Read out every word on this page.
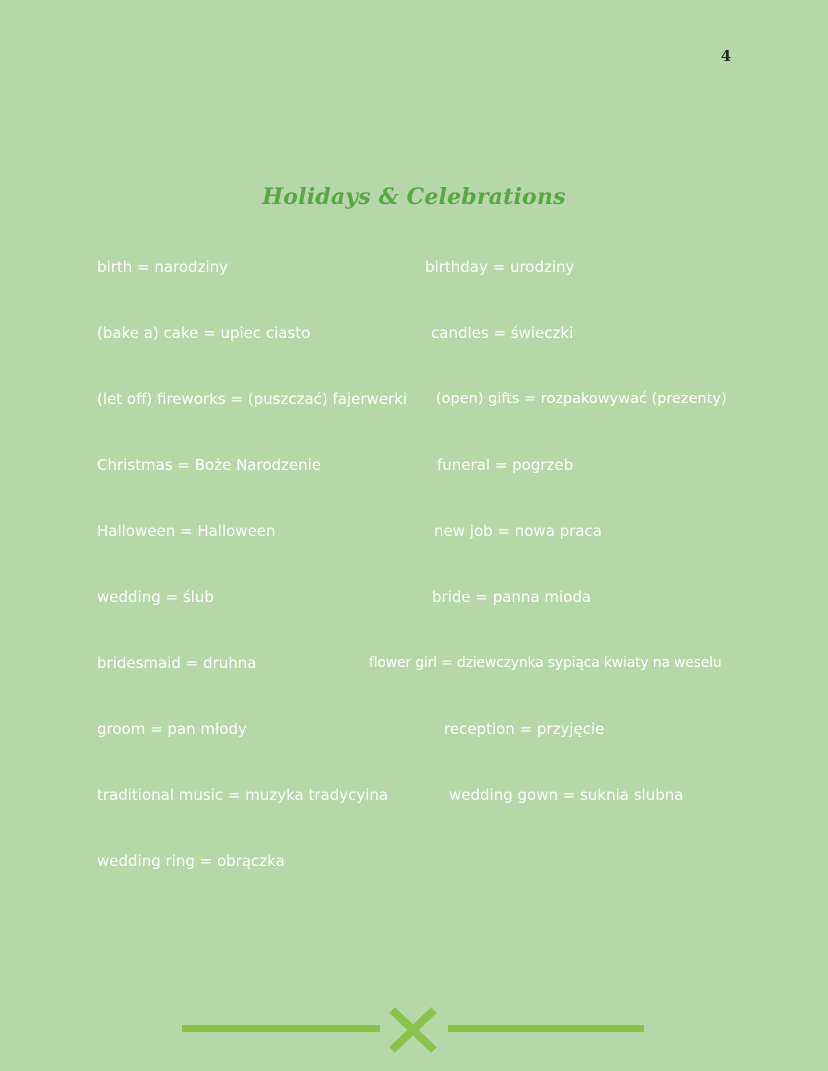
4
Holidays & Celebrations
birth = narodziny
(bake a) cake = upiec ciasto
(let off) fireworks = (puszczać) fajerwerki
Christmas = Boże Narodzenie
Halloween = Halloween
wedding = ślub
bridesmaid = druhna
groom = pan młody
traditional music = muzyka tradycyina
wedding ring = obrączka
birthday = urodziny
candles = świeczki
(open) gifts = rozpakowywać (prezenty)
funeral = pogrzeb
new job = nowa praca
bride = panna mioda
flower girl = dziewczynka sypiąca kwiaty na weselu
reception = przyjęcie
wedding gown = suknia slubna
